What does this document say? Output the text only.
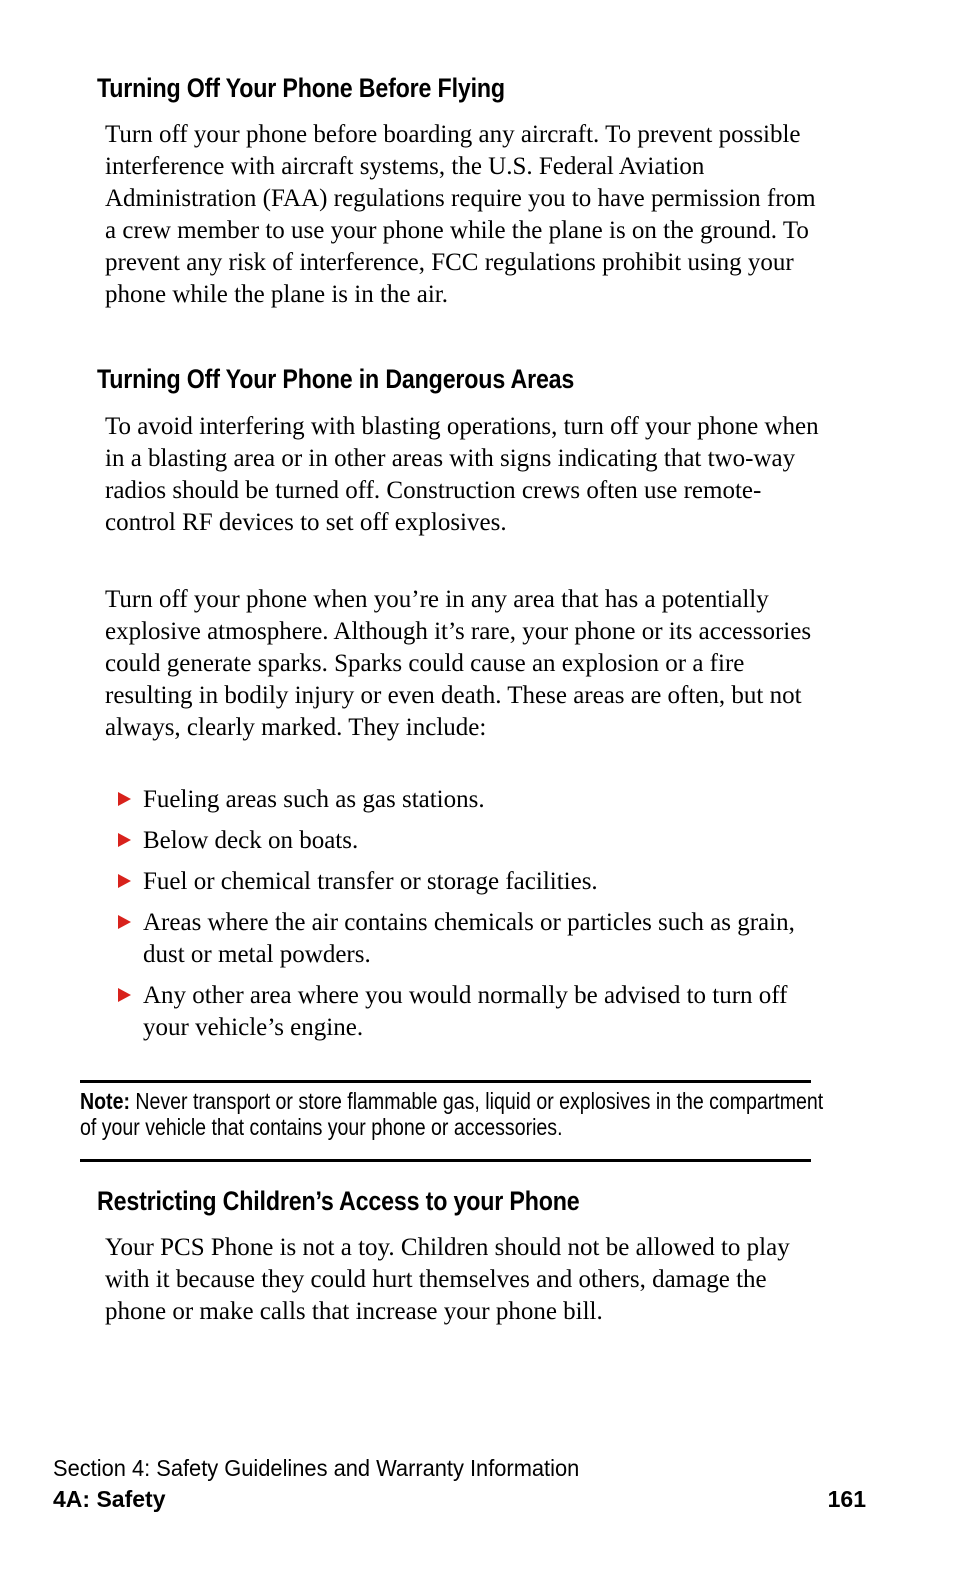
Turning Off Your Phone Before Flying

Turn off your phone before boarding any aircraft. To prevent possible interference with aircraft systems, the U.S. Federal Aviation Administration (FAA) regulations require you to have permission from a crew member to use your phone while the plane is on the ground. To prevent any risk of interference, FCC regulations prohibit using your phone while the plane is in the air.

Turning Off Your Phone in Dangerous Areas

To avoid interfering with blasting operations, turn off your phone when in a blasting area or in other areas with signs indicating that two-way radios should be turned off. Construction crews often use remote-control RF devices to set off explosives.

Turn off your phone when you’re in any area that has a potentially explosive atmosphere. Although it’s rare, your phone or its accessories could generate sparks. Sparks could cause an explosion or a fire resulting in bodily injury or even death. These areas are often, but not always, clearly marked. They include:

Fueling areas such as gas stations.
Below deck on boats.
Fuel or chemical transfer or storage facilities.
Areas where the air contains chemicals or particles such as grain, dust or metal powders.
Any other area where you would normally be advised to turn off your vehicle’s engine.

Note: Never transport or store flammable gas, liquid or explosives in the compartment of your vehicle that contains your phone or accessories.

Restricting Children’s Access to your Phone

Your PCS Phone is not a toy. Children should not be allowed to play with it because they could hurt themselves and others, damage the phone or make calls that increase your phone bill.

Section 4: Safety Guidelines and Warranty Information

4A: Safety	161
